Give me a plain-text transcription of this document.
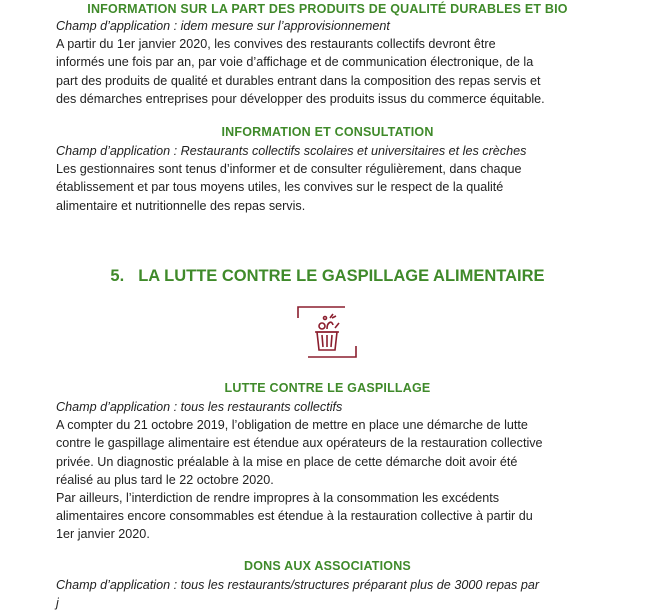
INFORMATION SUR LA PART DES PRODUITS DE QUALITÉ DURABLES ET BIO
Champ d’application : idem mesure sur l’approvisionnement
A partir du 1er janvier 2020, les convives des restaurants collectifs devront être
informés une fois par an, par voie d’affichage et de communication électronique, de la
part des produits de qualité et durables entrant dans la composition des repas servis et
des démarches entreprises pour développer des produits issus du commerce équitable.
INFORMATION ET CONSULTATION
Champ d’application : Restaurants collectifs scolaires et universitaires et les crèches
Les gestionnaires sont tenus d’informer et de consulter régulièrement, dans chaque
établissement et par tous moyens utiles, les convives sur le respect de la qualité
alimentaire et nutritionnelle des repas servis.
5. LA LUTTE CONTRE LE GASPILLAGE ALIMENTAIRE
LUTTE CONTRE LE GASPILLAGE
Champ d’application : tous les restaurants collectifs
A compter du 21 octobre 2019, l’obligation de mettre en place une démarche de lutte
contre le gaspillage alimentaire est étendue aux opérateurs de la restauration collective
privée. Un diagnostic préalable à la mise en place de cette démarche doit avoir été
réalisé au plus tard le 22 octobre 2020.
Par ailleurs, l’interdiction de rendre impropres à la consommation les excédents
alimentaires encore consommables est étendue à la restauration collective à partir du
1er janvier 2020.
DONS AUX ASSOCIATIONS
Champ d’application : tous les restaurants/structures préparant plus de 3000 repas par
j
